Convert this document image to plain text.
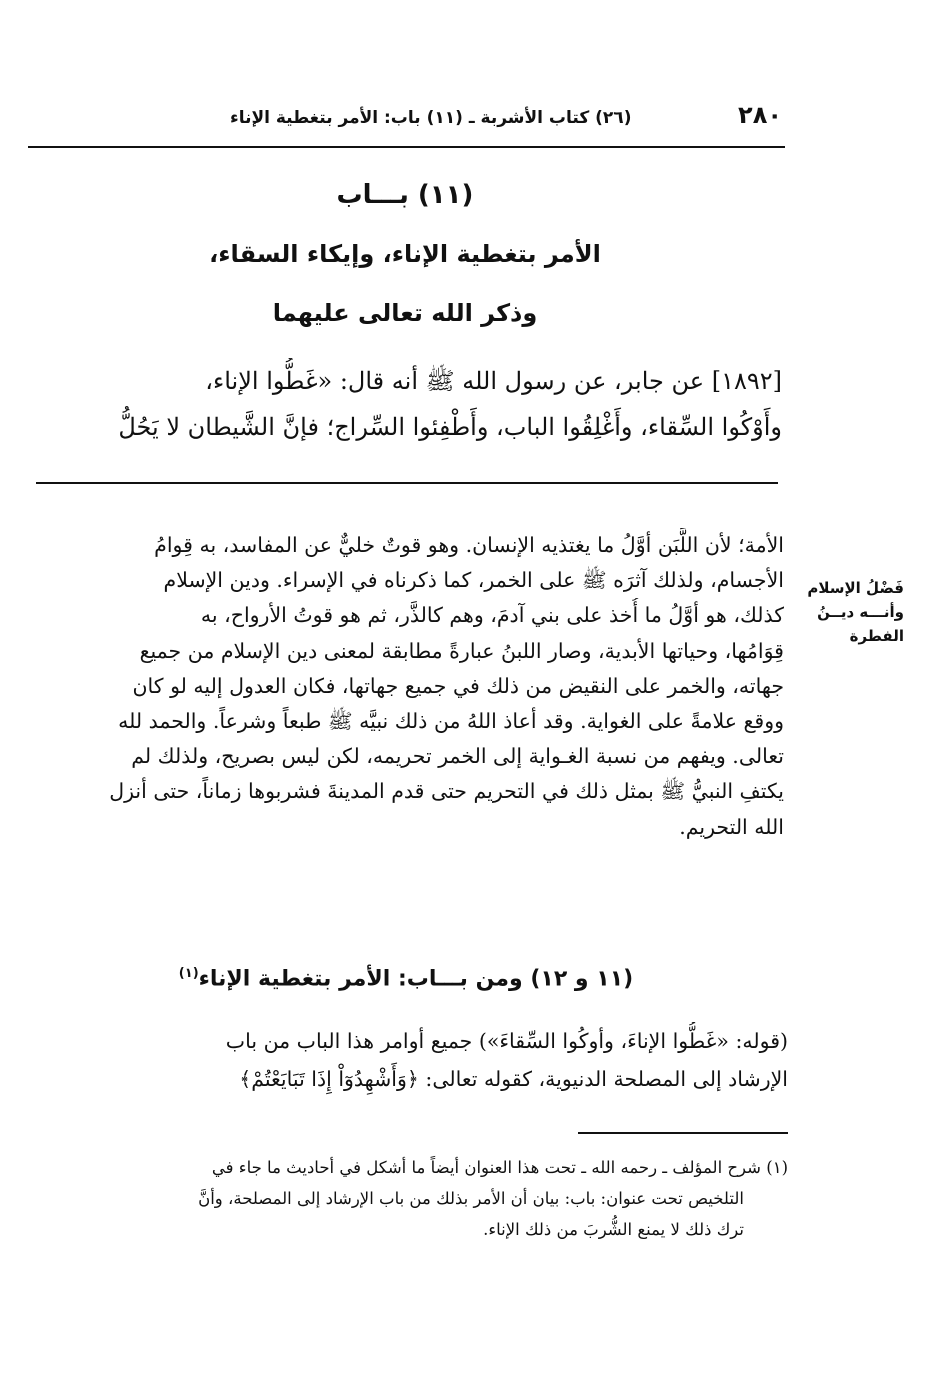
٢٨٠
(٢٦) كتاب الأشربة ـ (١١) باب: الأمر بتغطية الإناء
(١١) بـــاب
الأمر بتغطية الإناء، وإيكاء السقاء،
وذكر الله تعالى عليهما
[١٨٩٢] عن جابر، عن رسول الله ﷺ أنه قال: «غَطُّوا الإناء،
وأَوْكُوا السِّقاء، وأَغْلِقُوا الباب، وأَطْفِئوا السِّراج؛ فإنَّ الشَّيطان لا يَحُلُّ
الأمة؛ لأن اللَّبَن أوَّلُ ما يغتذيه الإنسان. وهو قوتٌ خليٌّ عن المفاسد، به قِوامُ
الأجسام، ولذلك آثرَه ﷺ على الخمر، كما ذكرناه في الإسراء. ودين الإسلام
كذلك، هو أوَّلُ ما أُخذ على بني آدمَ، وهم كالذَّر، ثم هو قوتُ الأرواح، به
قِوَامُها، وحياتها الأبدية، وصار اللبنُ عبارةً مطابقة لمعنى دين الإسلام من جميع
جهاته، والخمر على النقيض من ذلك في جميع جهاتها، فكان العدول إليه لو كان
ووقع علامةً على الغواية. وقد أعاذ اللهُ من ذلك نبيَّه ﷺ طبعاً وشرعاً. والحمد لله
تعالى. ويفهم من نسبة الغـواية إلى الخمر تحريمه، لكن ليس بصريح، ولذلك لم
يكتفِ النبيُّ ﷺ بمثل ذلك في التحريم حتى قدم المدينةَ فشربوها زماناً، حتى أنزل
الله التحريم.
فَضْلُ الإسلام
وأنـــه ديــنُ
الفطرة
(١١ و ١٢) ومن بـــاب: الأمر بتغطية الإناء$^{(١)}$
(قوله: «غَطُّوا الإناءَ، وأوكُوا السِّقاءَ») جميع أوامر هذا الباب من باب
الإرشاد إلى المصلحة الدنيوية، كقوله تعالى: ﴿وَأَشْهِدُوٓاْ إِذَا تَبَايَعْتُمْ﴾
(١) شرح المؤلف ـ رحمه الله ـ تحت هذا العنوان أيضاً ما أشكل في أحاديث ما جاء في
التلخيص تحت عنوان: باب: بيان أن الأمر بذلك من باب الإرشاد إلى المصلحة، وأنَّ
ترك ذلك لا يمنع الشُّربَ من ذلك الإناء.
